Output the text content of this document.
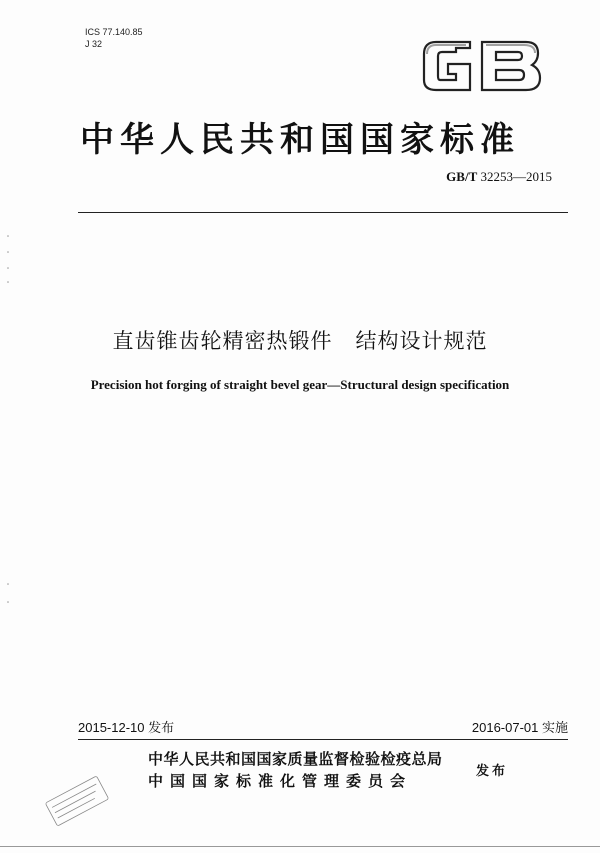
ICS 77.140.85
J 32
中华人民共和国国家标准
GB/T 32253—2015
直齿锥齿轮精密热锻件   结构设计规范
Precision hot forging of straight bevel gear—Structural design specification
2015-12-10 发布	2016-07-01 实施
中华人民共和国国家质量监督检验检疫总局
中国国家标准化管理委员会
发布
